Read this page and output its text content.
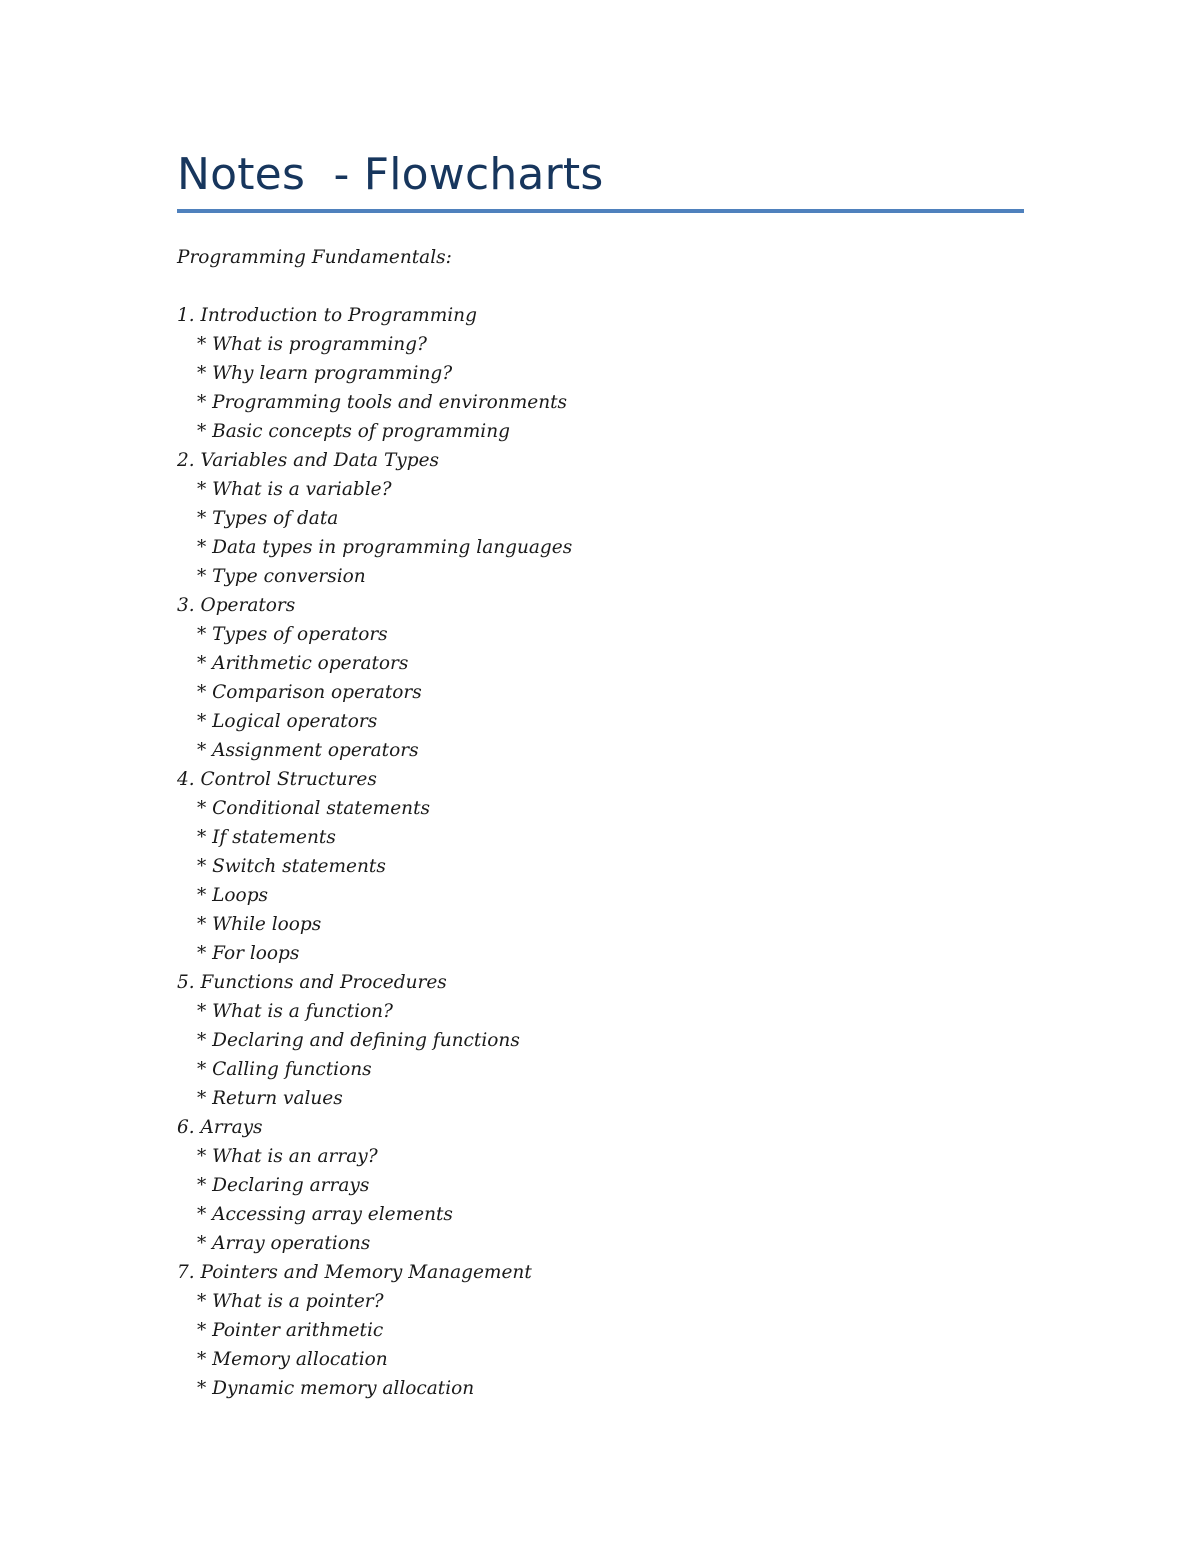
Notes  - Flowcharts

Programming Fundamentals:

1. Introduction to Programming
* What is programming?
* Why learn programming?
* Programming tools and environments
* Basic concepts of programming
2. Variables and Data Types
* What is a variable?
* Types of data
* Data types in programming languages
* Type conversion
3. Operators
* Types of operators
* Arithmetic operators
* Comparison operators
* Logical operators
* Assignment operators
4. Control Structures
* Conditional statements
* If statements
* Switch statements
* Loops
* While loops
* For loops
5. Functions and Procedures
* What is a function?
* Declaring and defining functions
* Calling functions
* Return values
6. Arrays
* What is an array?
* Declaring arrays
* Accessing array elements
* Array operations
7. Pointers and Memory Management
* What is a pointer?
* Pointer arithmetic
* Memory allocation
* Dynamic memory allocation
